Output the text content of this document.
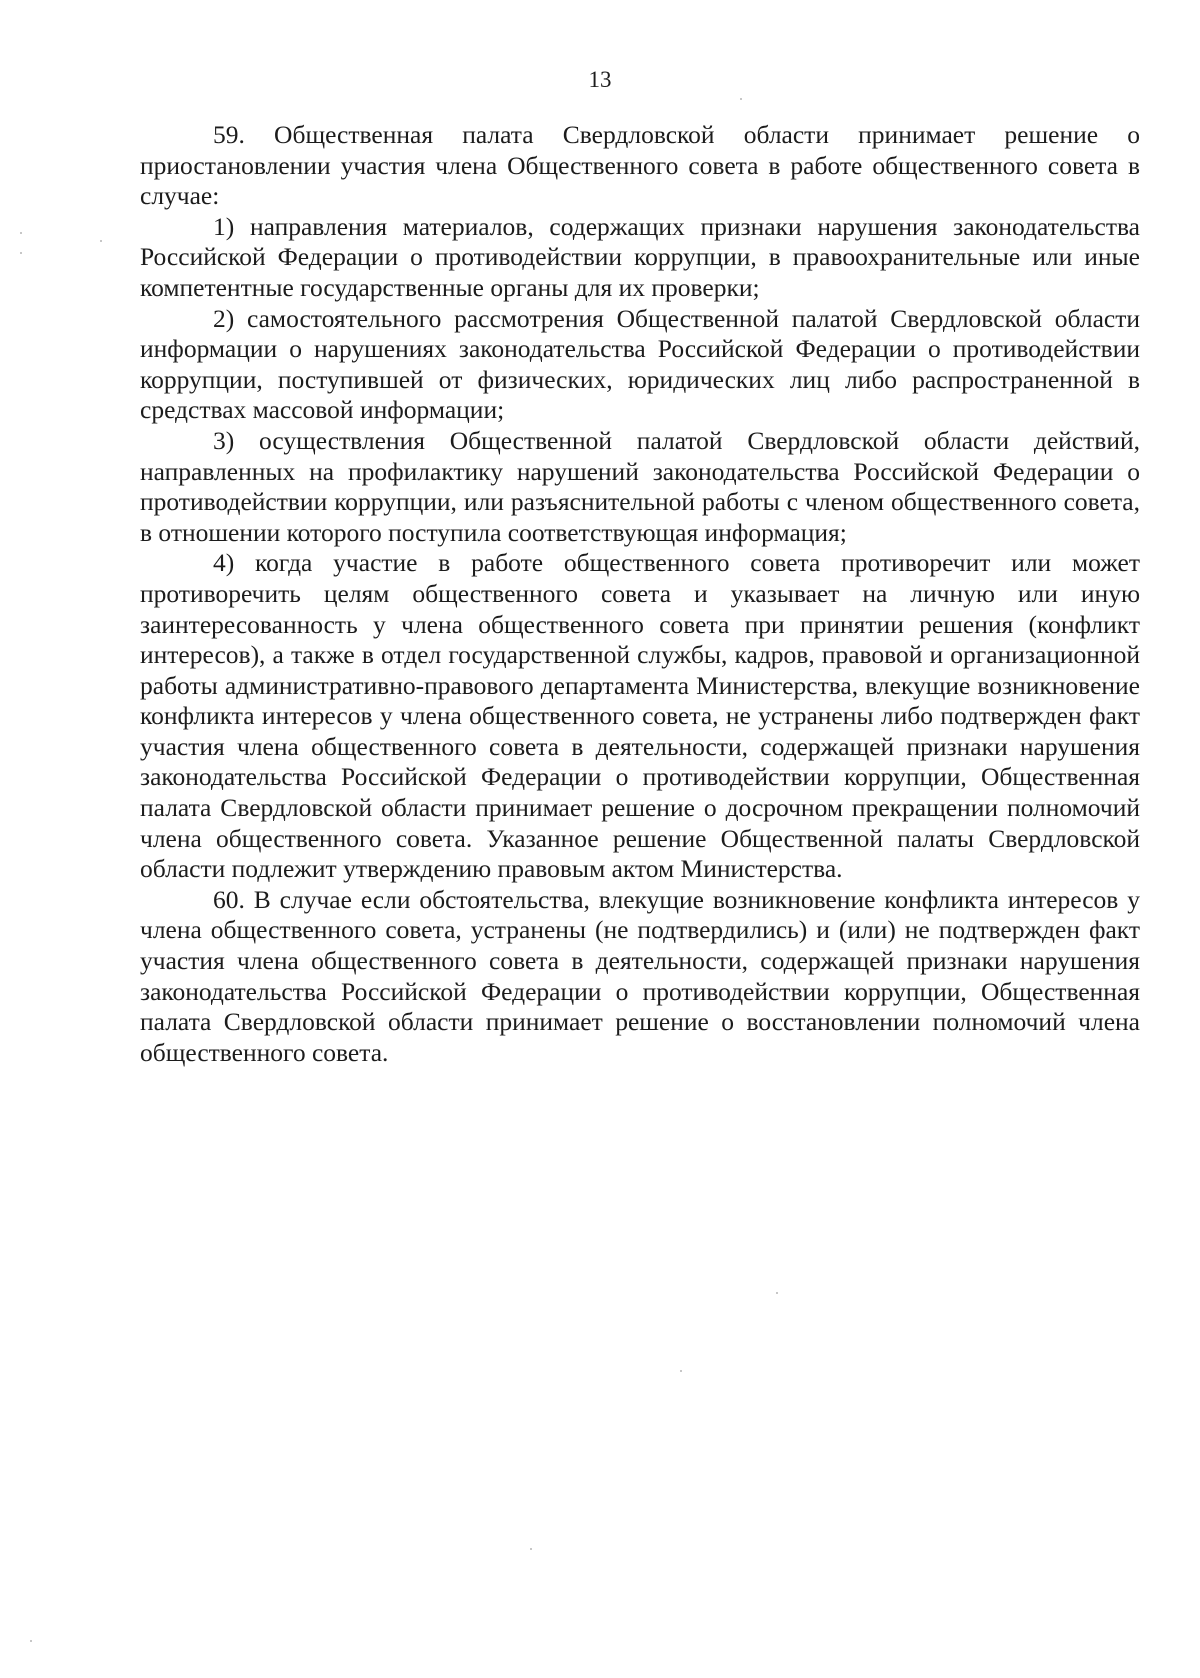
13

59. Общественная палата Свердловской области принимает решение о приостановлении участия члена Общественного совета в работе общественного совета в случае:

1) направления материалов, содержащих признаки нарушения законодательства Российской Федерации о противодействии коррупции, в правоохранительные или иные компетентные государственные органы для их проверки;

2) самостоятельного рассмотрения Общественной палатой Свердловской области информации о нарушениях законодательства Российской Федерации о противодействии коррупции, поступившей от физических, юридических лиц либо распространенной в средствах массовой информации;

3) осуществления Общественной палатой Свердловской области действий, направленных на профилактику нарушений законодательства Российской Федерации о противодействии коррупции, или разъяснительной работы с членом общественного совета, в отношении которого поступила соответствующая информация;

4) когда участие в работе общественного совета противоречит или может противоречить целям общественного совета и указывает на личную или иную заинтересованность у члена общественного совета при принятии решения (конфликт интересов), а также в отдел государственной службы, кадров, правовой и организационной работы административно-правового департамента Министерства, влекущие возникновение конфликта интересов у члена общественного совета, не устранены либо подтвержден факт участия члена общественного совета в деятельности, содержащей признаки нарушения законодательства Российской Федерации о противодействии коррупции, Общественная палата Свердловской области принимает решение о досрочном прекращении полномочий члена общественного совета. Указанное решение Общественной палаты Свердловской области подлежит утверждению правовым актом Министерства.

60. В случае если обстоятельства, влекущие возникновение конфликта интересов у члена общественного совета, устранены (не подтвердились) и (или) не подтвержден факт участия члена общественного совета в деятельности, содержащей признаки нарушения законодательства Российской Федерации о противодействии коррупции, Общественная палата Свердловской области принимает решение о восстановлении полномочий члена общественного совета.
